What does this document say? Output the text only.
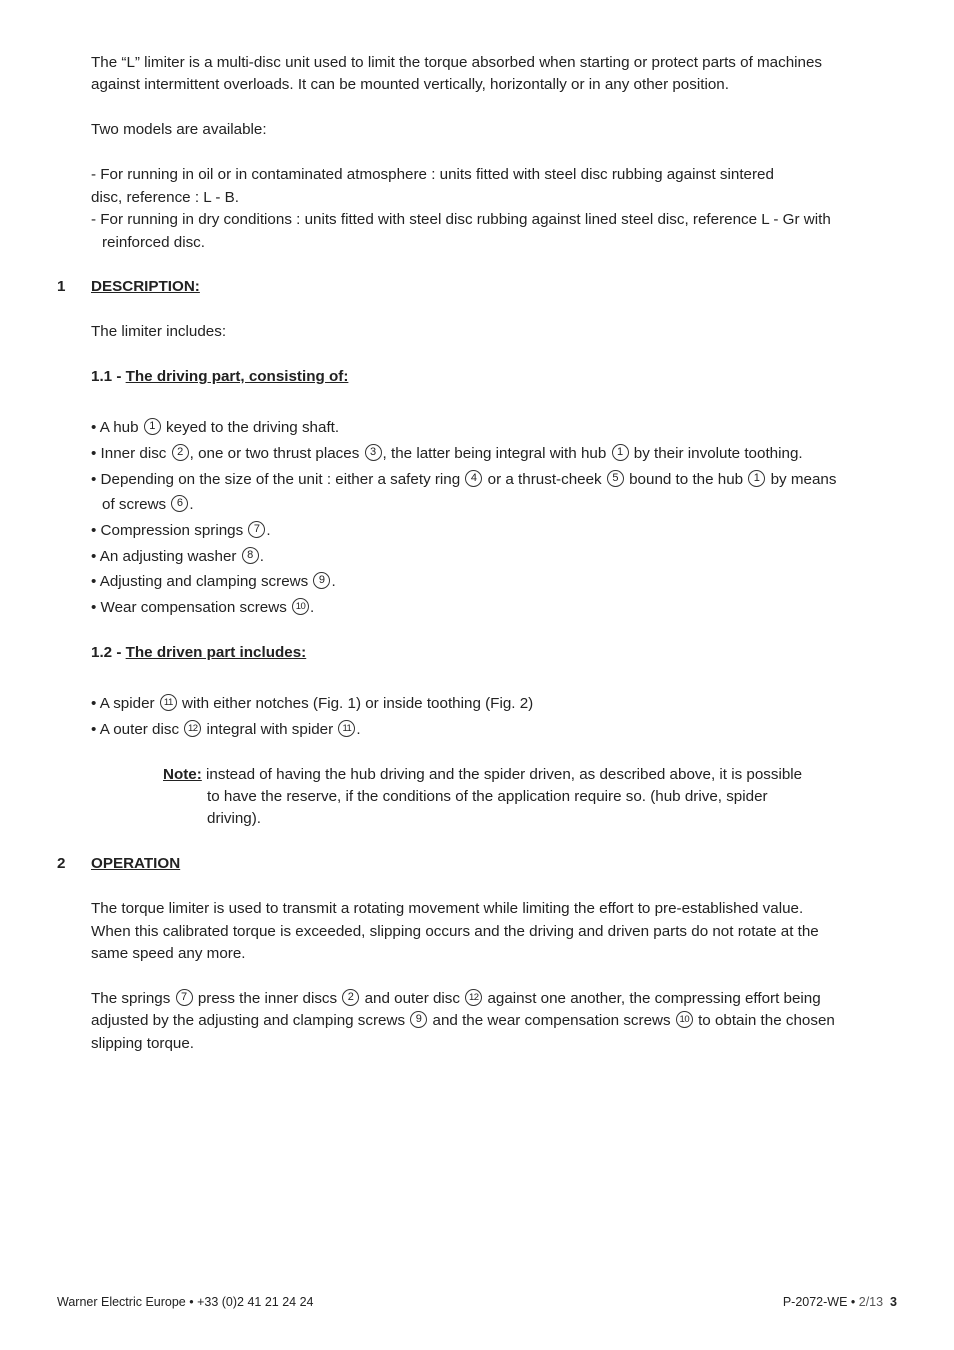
The “L” limiter is a multi-disc unit used to limit the torque absorbed when starting or protect parts of machines

against intermittent overloads. It can be mounted vertically, horizontally or in any other position.

Two models are available:

- For running in oil or in contaminated atmosphere : units fitted with steel disc rubbing against sintered

disc, reference : L - B.

- For running in dry conditions : units fitted with steel disc rubbing against lined steel disc, reference L - Gr with

reinforced disc.

1 DESCRIPTION:

The limiter includes:

1.1 - The driving part, consisting of:

• A hub 1 keyed to the driving shaft.

• Inner disc 2 , one or two thrust places 3 , the latter being integral with hub 1 by their involute toothing.

• Depending on the size of the unit : either a safety ring 4 or a thrust-cheek 5 bound to the hub 1 by means

of screws 6 .

• Compression springs 7 .

• An adjusting washer 8 .

• Adjusting and clamping screws 9 .

• Wear compensation screws 10 .

1.2 - The driven part includes:

• A spider 11 with either notches (Fig. 1) or inside toothing (Fig. 2)

• A outer disc 12 integral with spider 11 .

Note: instead of having the hub driving and the spider driven, as described above, it is possible

to have the reserve, if the conditions of the application require so. (hub drive, spider

driving).

2 OPERATION

The torque limiter is used to transmit a rotating movement while limiting the effort to pre-established value.

When this calibrated torque is exceeded, slipping occurs and the driving and driven parts do not rotate at the

same speed any more.

The springs 7 press the inner discs 2 and outer disc 12 against one another, the compressing effort being

adjusted by the adjusting and clamping screws 9 and the wear compensation screws 10 to obtain the chosen

slipping torque.

Warner Electric Europe • +33 (0)2 41 21 24 24	P-2072-WE • 2/13 3
